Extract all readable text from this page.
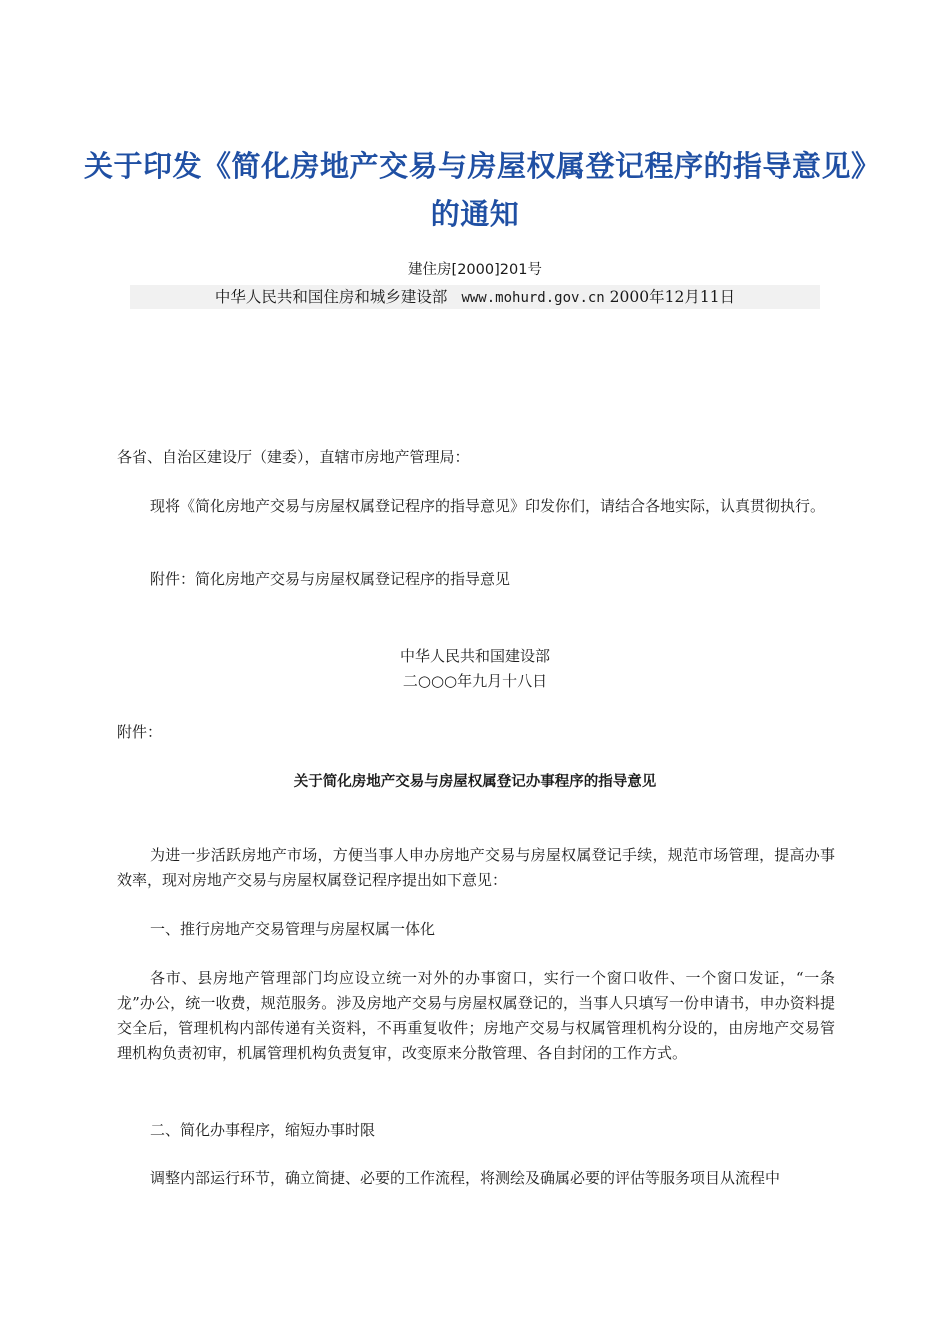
关于印发《简化房地产交易与房屋权属登记程序的指导意见》的通知
建住房[2000]201号
中华人民共和国住房和城乡建设部 www.mohurd.gov.cn 2000年12月11日
各省、自治区建设厅（建委），直辖市房地产管理局：
现将《简化房地产交易与房屋权属登记程序的指导意见》印发你们，请结合各地实际，认真贯彻执行。
附件：简化房地产交易与房屋权属登记程序的指导意见
中华人民共和国建设部
二○○○年九月十八日
附件：
关于简化房地产交易与房屋权属登记办事程序的指导意见
为进一步活跃房地产市场，方便当事人申办房地产交易与房屋权属登记手续，规范市场管理，提高办事效率，现对房地产交易与房屋权属登记程序提出如下意见：
一、推行房地产交易管理与房屋权属一体化
各市、县房地产管理部门均应设立统一对外的办事窗口，实行一个窗口收件、一个窗口发证，“一条龙”办公，统一收费，规范服务。涉及房地产交易与房屋权属登记的，当事人只填写一份申请书，申办资料提交全后，管理机构内部传递有关资料，不再重复收件；房地产交易与权属管理机构分设的，由房地产交易管理机构负责初审，机属管理机构负责复审，改变原来分散管理、各自封闭的工作方式。
二、简化办事程序，缩短办事时限
调整内部运行环节，确立简捷、必要的工作流程，将测绘及确属必要的评估等服务项目从流程中
